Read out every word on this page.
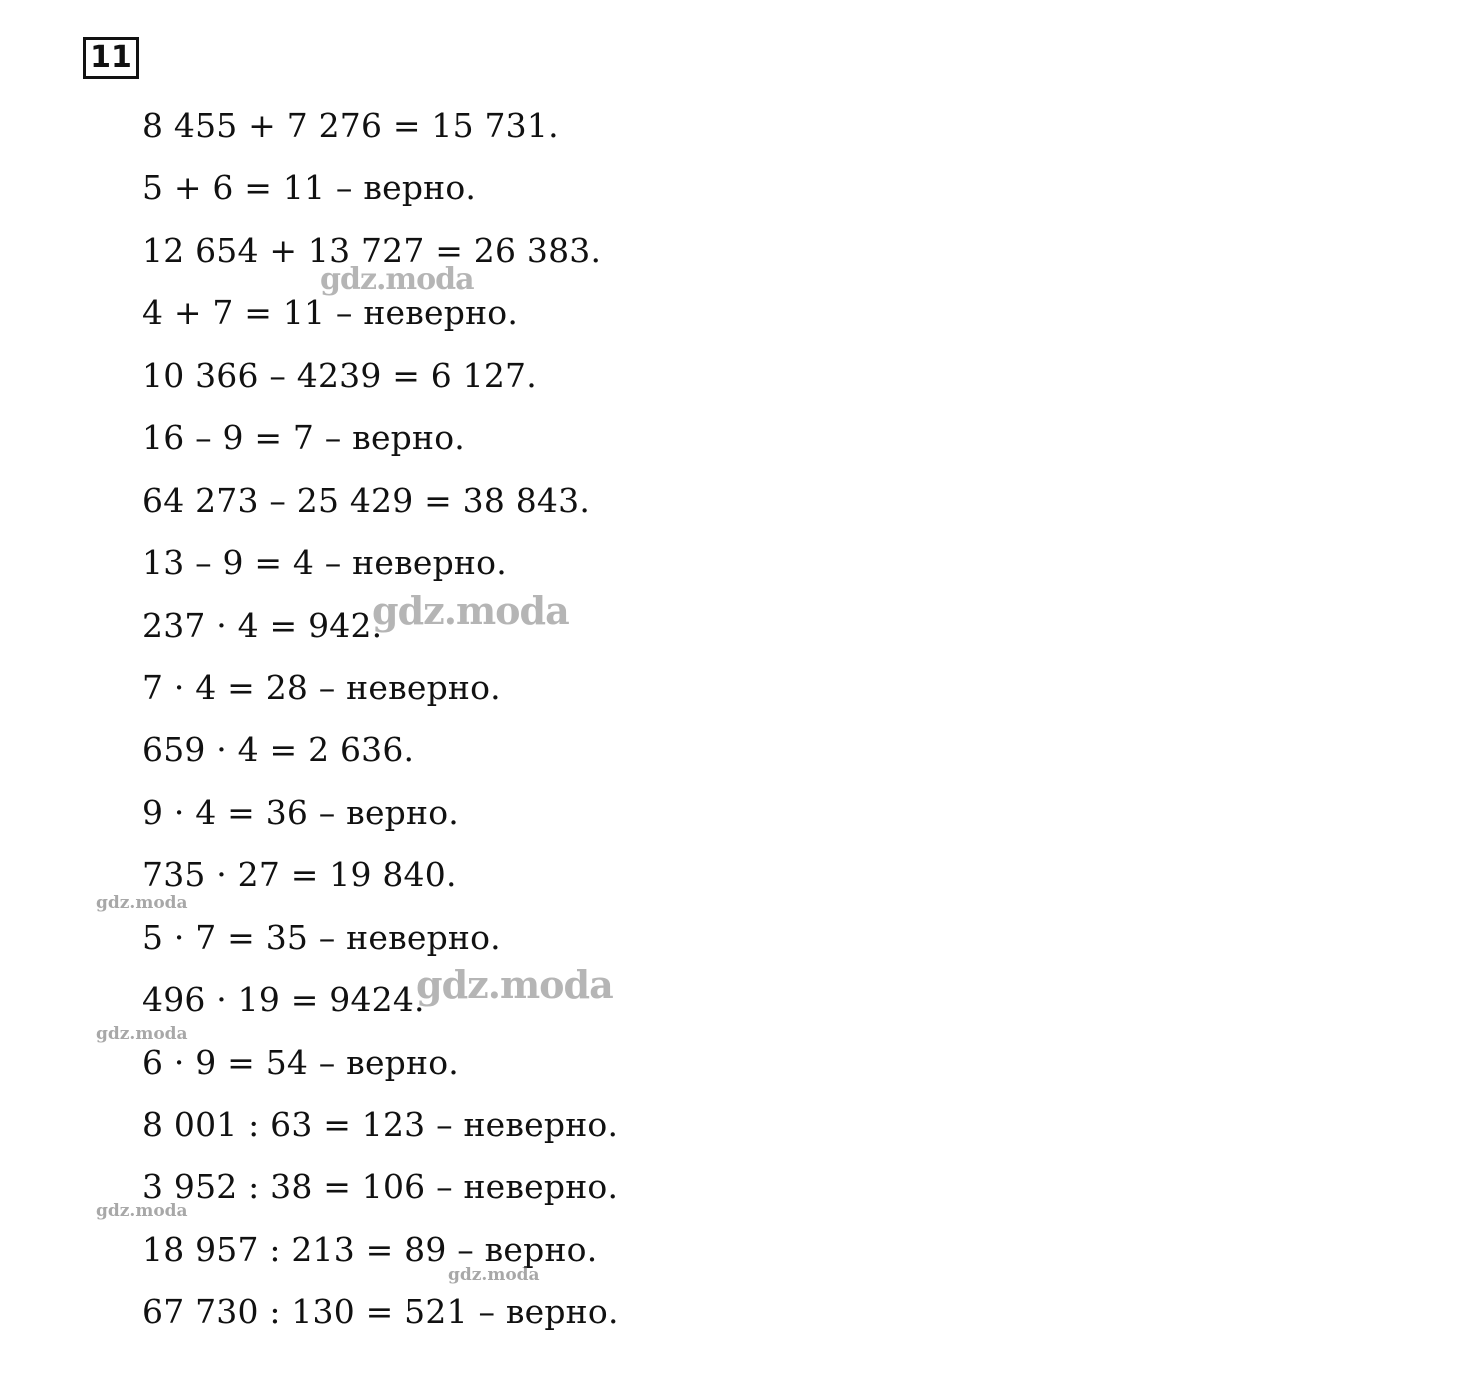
11
8 455 + 7 276 = 15 731.
5 + 6 = 11 – верно.
12 654 + 13 727 = 26 383.
4 + 7 = 11 – неверно.
10 366 – 4239 = 6 127.
16 – 9 = 7 – верно.
64 273 – 25 429 = 38 843.
13 – 9 = 4 – неверно.
237 · 4 = 942.
7 · 4 = 28 – неверно.
659 · 4 = 2 636.
9 · 4 = 36 – верно.
735 · 27 = 19 840.
5 · 7 = 35 – неверно.
496 · 19 = 9424.
6 · 9 = 54 – верно.
8 001 : 63 = 123 – неверно.
3 952 : 38 = 106 – неверно.
18 957 : 213 = 89 – верно.
67 730 : 130 = 521 – верно.
gdz.moda
gdz.moda
gdz.moda
gdz.moda
gdz.moda
gdz.moda
gdz.moda
